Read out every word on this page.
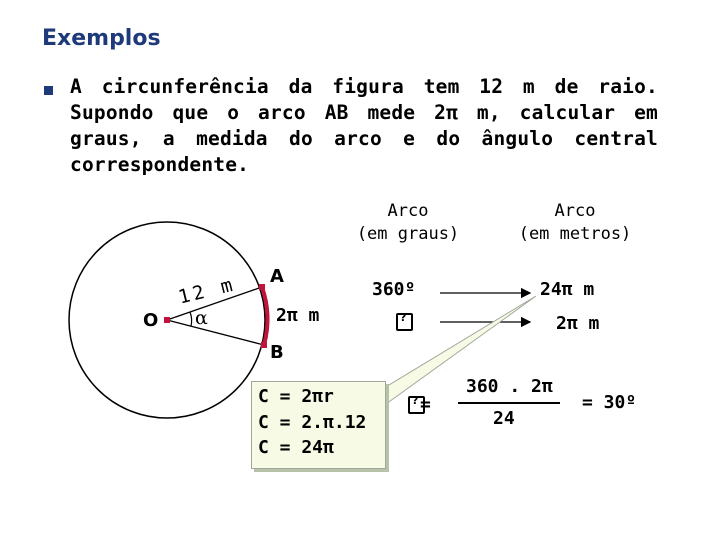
Exemplos
A circunferência da figura tem 12 m de raio. Supondo que o arco AB mede 2π m, calcular em graus, a medida do arco e do ângulo central correspondente.
Arco
(em graus)
Arco
(em metros)
12 m
O α
A
B
2π m
360º	24π m
?
2π m
C = 2πr
C = 2.π.12
C = 24π
?
=
360 . 2π
24
= 30º
